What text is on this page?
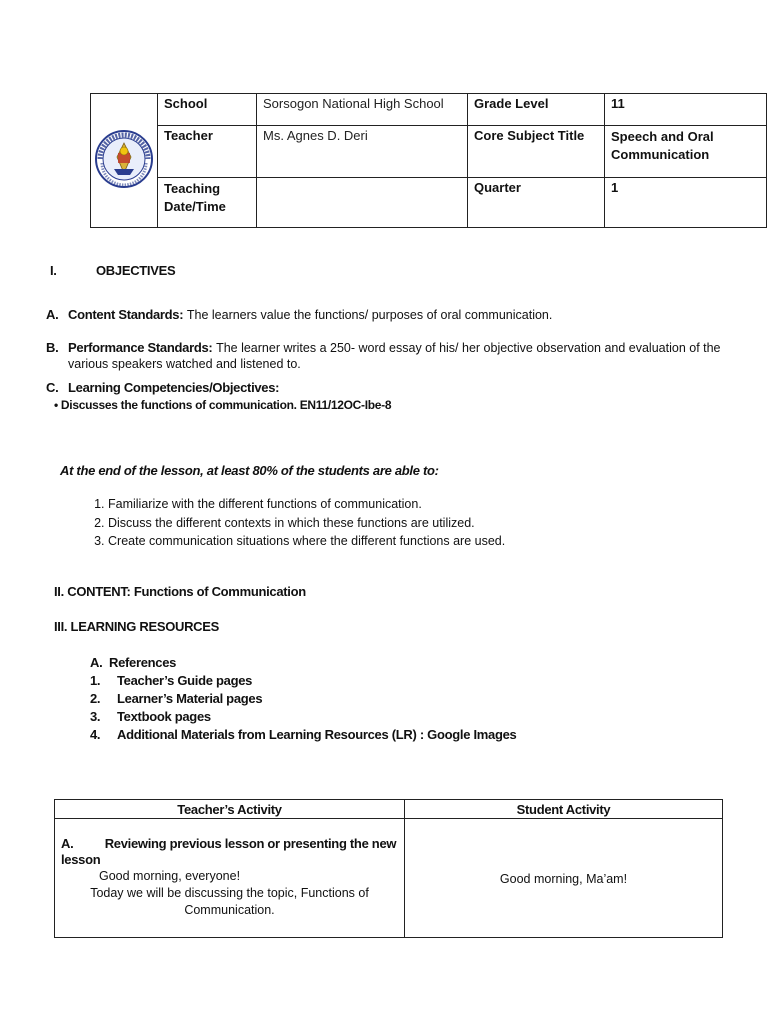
	School	Sorsogon National High School	Grade Level	11
	Teacher	Ms. Agnes D. Deri	Core Subject Title	Speech and Oral Communication
	Teaching Date/Time		Quarter	1
I.	OBJECTIVES
A. Content Standards: The learners value the functions/ purposes of oral communication.
B. Performance Standards: The learner writes a 250- word essay of his/ her objective observation and evaluation of the
various speakers watched and listened to.
C. Learning Competencies/Objectives:
• Discusses the functions of communication. EN11/12OC-Ibe-8
At the end of the lesson, at least 80% of the students are able to:
1. Familiarize with the different functions of communication.
2. Discuss the different contexts in which these functions are utilized.
3. Create communication situations where the different functions are used.
II. CONTENT: Functions of Communication
III. LEARNING RESOURCES
A. References
1. Teacher’s Guide pages
2. Learner’s Material pages
3. Textbook pages
4. Additional Materials from Learning Resources (LR) : Google Images
Teacher’s Activity	Student Activity

A. Reviewing previous lesson or presenting the new
lesson
Good morning, everyone!
Today we will be discussing the topic, Functions of
Communication.	Good morning, Ma’am!
